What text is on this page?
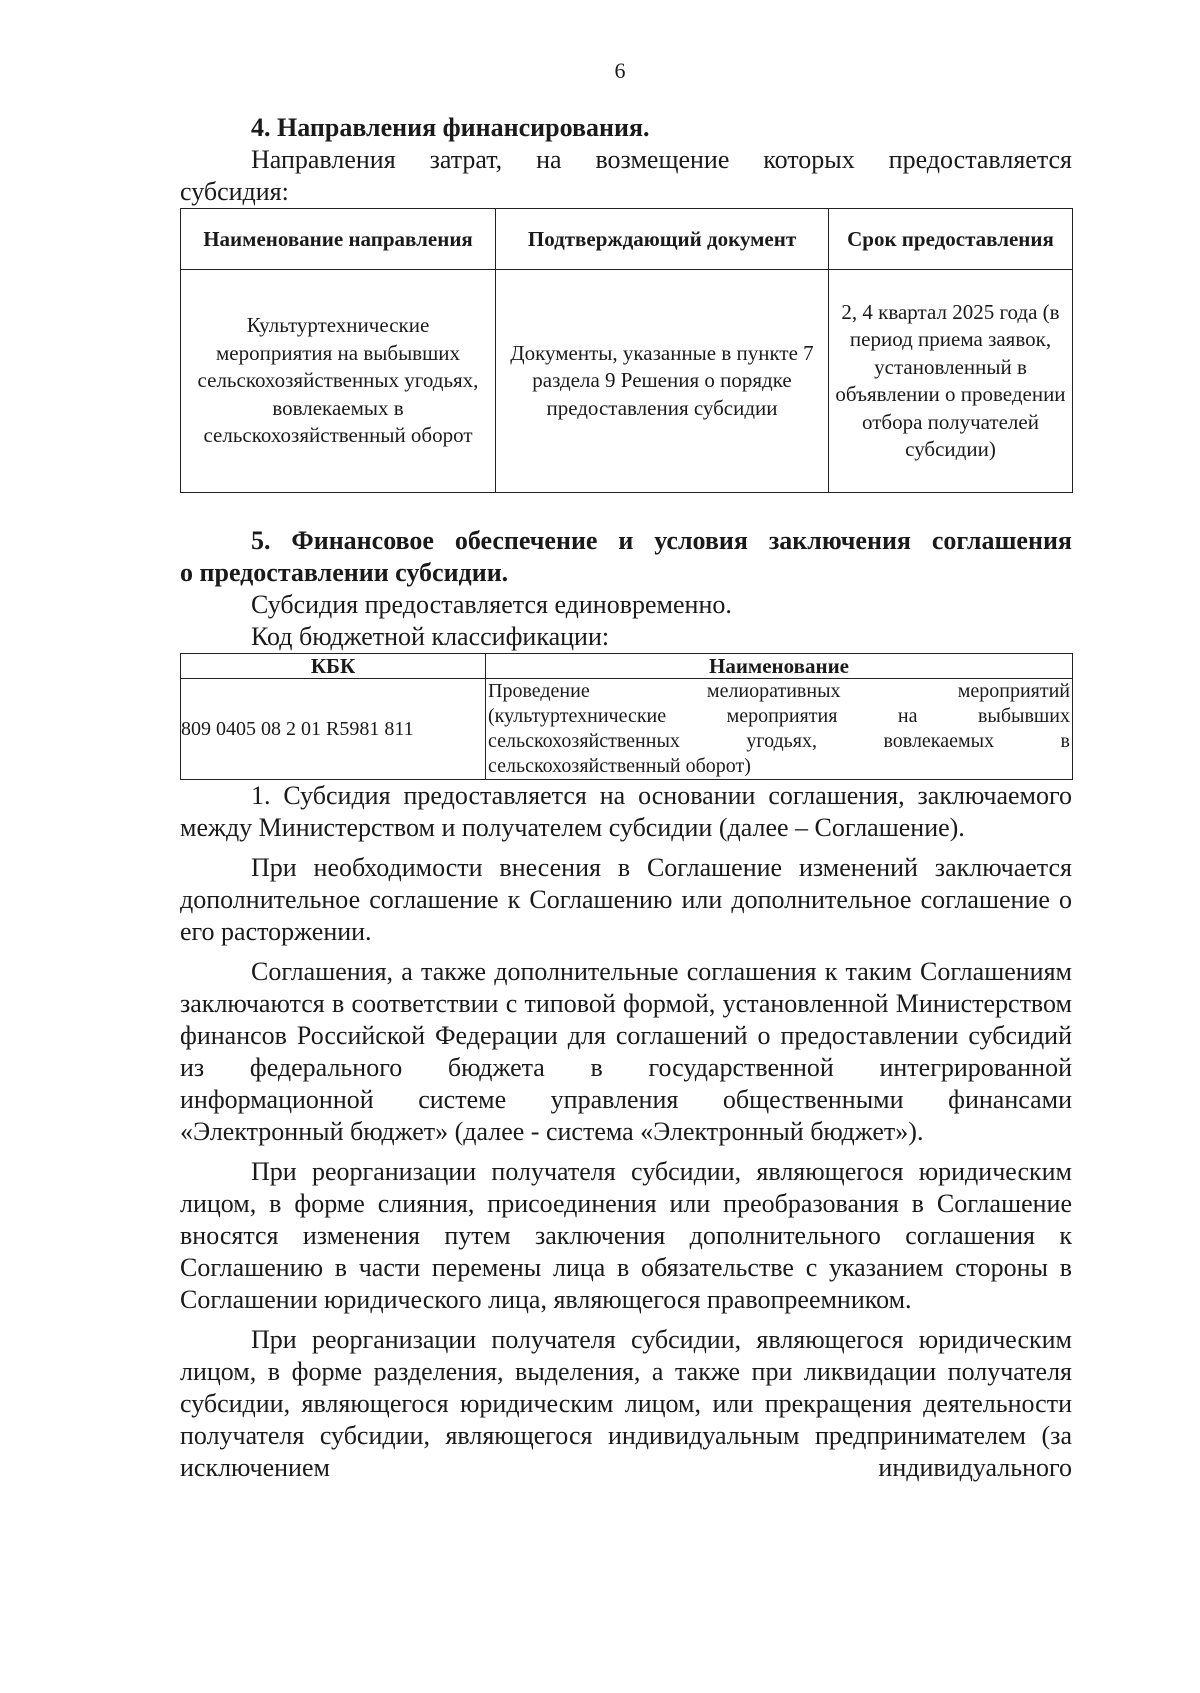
6

4. Направления финансирования.

Направления затрат, на возмещение которых предоставляется

субсидия:

Наименование направления	Подтверждающий документ	Срок предоставления
Культуртехнические мероприятия на выбывших сельскохозяйственных угодьях, вовлекаемых в сельскохозяйственный оборот	Документы, указанные в пункте 7 раздела 9 Решения о порядке предоставления субсидии	2, 4 квартал 2025 года (в период приема заявок, установленный в объявлении о проведении отбора получателей субсидии)

5. Финансовое обеспечение и условия заключения соглашения

о предоставлении субсидии.

Субсидия предоставляется единовременно.

Код бюджетной классификации:

КБК	Наименование
809 0405 08 2 01 R5981 811	Проведение мелиоративных мероприятий
(культуртехнические мероприятия на выбывших
сельскохозяйственных угодьях, вовлекаемых в
сельскохозяйственный оборот)

1. Субсидия предоставляется на основании соглашения, заключаемого между Министерством и получателем субсидии (далее – Соглашение).

При необходимости внесения в Соглашение изменений заключается дополнительное соглашение к Соглашению или дополнительное соглашение о его расторжении.

Соглашения, а также дополнительные соглашения к таким Соглашениям заключаются в соответствии с типовой формой, установленной Министерством финансов Российской Федерации для соглашений о предоставлении субсидий из федерального бюджета в государственной интегрированной информационной системе управления общественными финансами «Электронный бюджет» (далее - система «Электронный бюджет»).

При реорганизации получателя субсидии, являющегося юридическим лицом, в форме слияния, присоединения или преобразования в Соглашение вносятся изменения путем заключения дополнительного соглашения к Соглашению в части перемены лица в обязательстве с указанием стороны в Соглашении юридического лица, являющегося правопреемником.

При реорганизации получателя субсидии, являющегося юридическим лицом, в форме разделения, выделения, а также при ликвидации получателя субсидии, являющегося юридическим лицом, или прекращения деятельности получателя субсидии, являющегося индивидуальным предпринимателем (за исключением индивидуального
